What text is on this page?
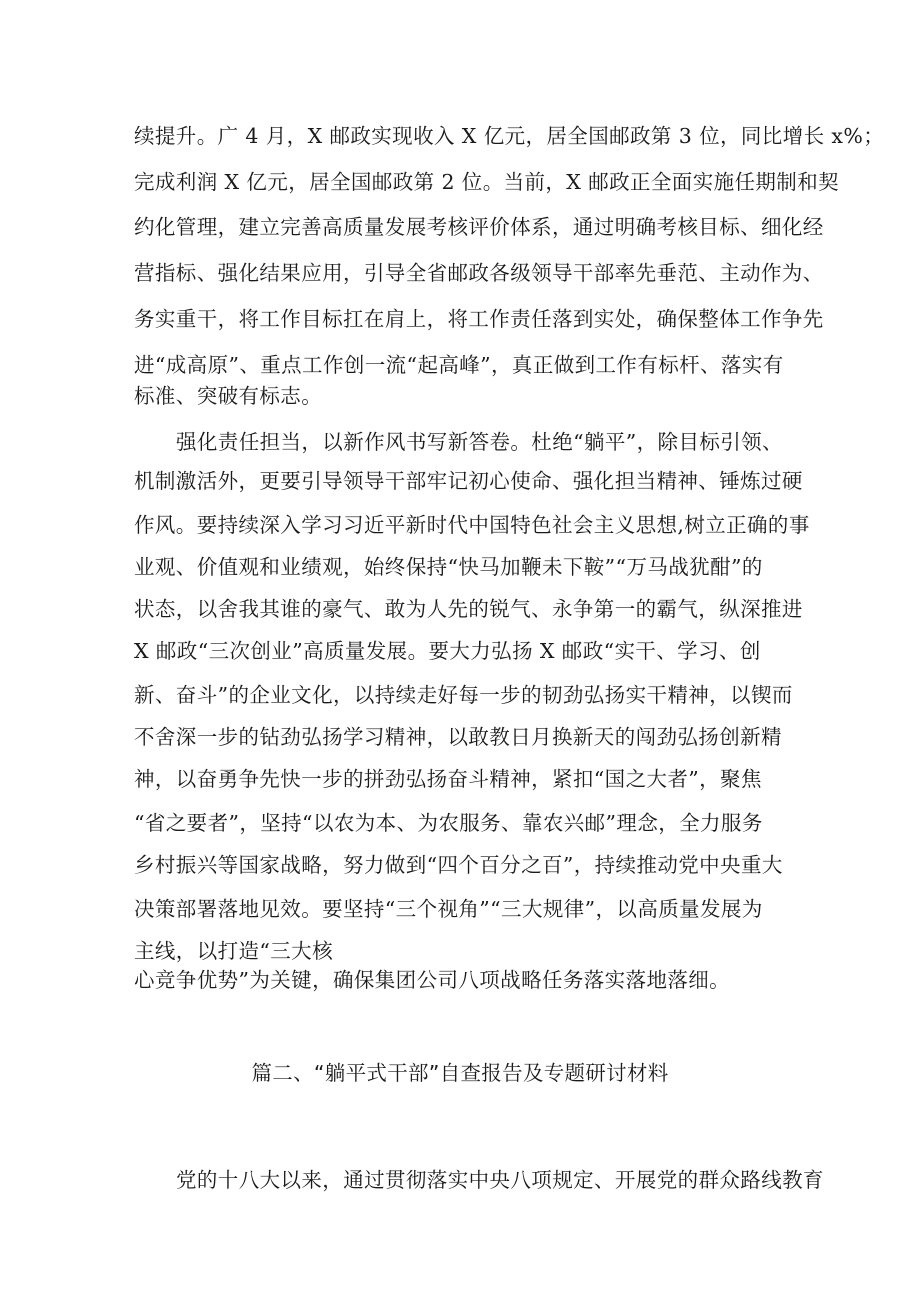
续提升。广 4 月，X 邮政实现收入 X 亿元，居全国邮政第 3 位，同比增长 x%；
完成利润 X 亿元，居全国邮政第 2 位。当前，X 邮政正全面实施任期制和契
约化管理，建立完善高质量发展考核评价体系，通过明确考核目标、细化经
营指标、强化结果应用，引导全省邮政各级领导干部率先垂范、主动作为、
务实重干，将工作目标扛在肩上，将工作责任落到实处，确保整体工作争先
进“成高原”、重点工作创一流“起高峰”，真正做到工作有标杆、落实有
标准、突破有标志。
强化责任担当，以新作风书写新答卷。杜绝“躺平”，除目标引领、
机制激活外，更要引导领导干部牢记初心使命、强化担当精神、锤炼过硬
作风。要持续深入学习习近平新时代中国特色社会主义思想,树立正确的事
业观、价值观和业绩观，始终保持“快马加鞭未下鞍”“万马战犹酣”的
状态，以舍我其谁的豪气、敢为人先的锐气、永争第一的霸气，纵深推进
X 邮政“三次创业”高质量发展。要大力弘扬 X 邮政“实干、学习、创
新、奋斗”的企业文化，以持续走好每一步的韧劲弘扬实干精神，以锲而
不舍深一步的钻劲弘扬学习精神，以敢教日月换新天的闯劲弘扬创新精
神，以奋勇争先快一步的拼劲弘扬奋斗精神，紧扣“国之大者”，聚焦
“省之要者”，坚持“以农为本、为农服务、靠农兴邮”理念，全力服务
乡村振兴等国家战略，努力做到“四个百分之百”，持续推动党中央重大
决策部署落地见效。要坚持“三个视角”“三大规律”，以高质量发展为
主线，以打造“三大核
心竞争优势”为关键，确保集团公司八项战略任务落实落地落细。
篇二、“躺平式干部”自查报告及专题研讨材料
党的十八大以来，通过贯彻落实中央八项规定、开展党的群众路线教育
